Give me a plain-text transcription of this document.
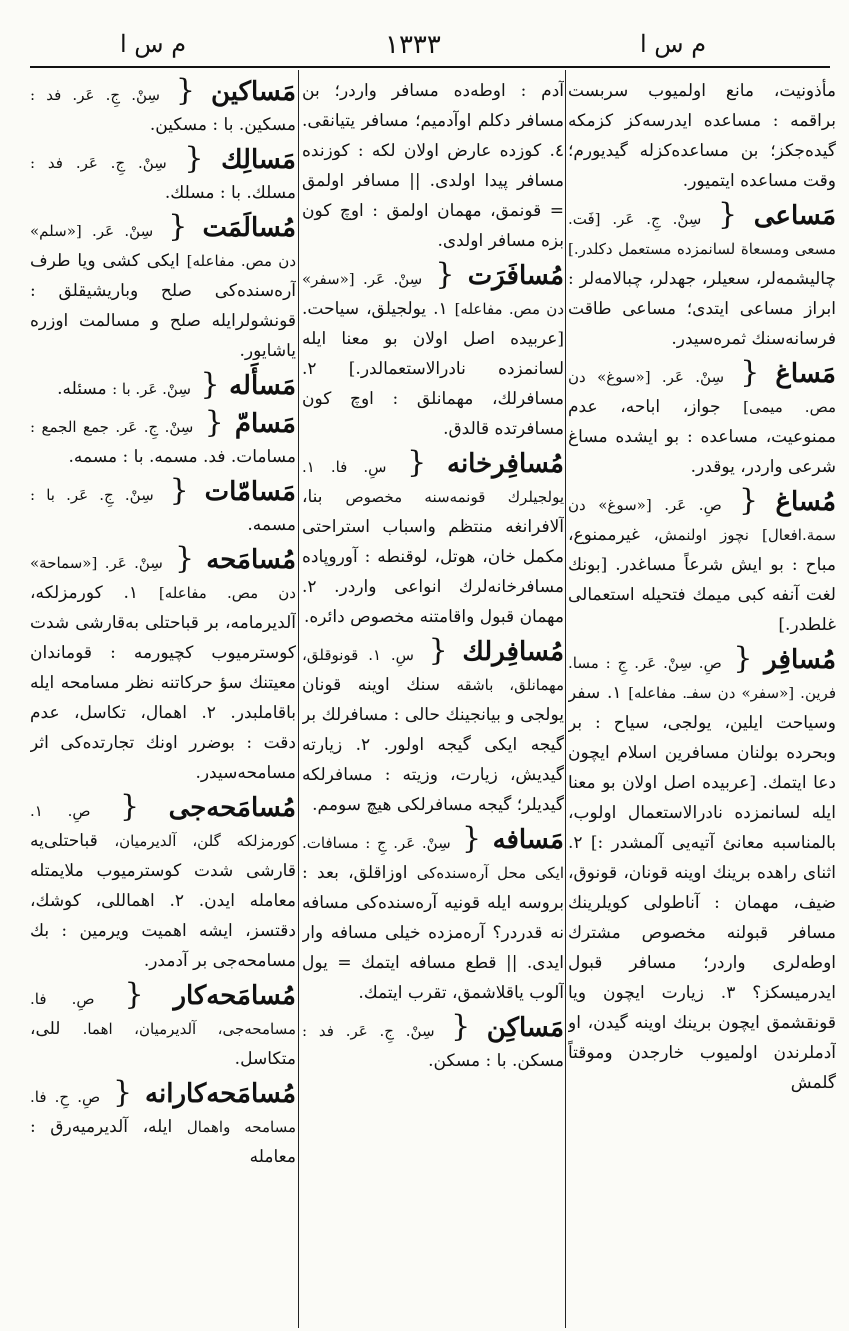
م س ا	۱۳۳۳	م س ا
مأذونيت، مانع اولميوب سربست براقمه : مساعده ايدرسه‌كز كزمكه گيده‌جكز؛ بن مساعده‌كزله گيديورم؛ وقت مساعده ايتميور.
مَساعى { سِنْ. جِ. عَر. [فَت. مسعى ومسعاة لسانمزده مستعمل دكلدر.] چاليشمه‌لر، سعيلر، جهدلر، چباﻻمه‌لر : ابراز مساعى ايتدى؛ مساعى طاقت فرسانه‌سنك ثمره‌سيدر.
مَساغ { سِنْ. عَر. [«سوغ» دن مص. ميمى] جواز، اباحه، عدم ممنوعيت، مساعده : بو ايشده مساغ شرعى واردر، يوقدر.
مُساغ { صِ. عَر. [«سوغ» دن سمة.افعال] نچوز اولنمش، غيرممنوع، مباح : بو ايش شرعاً مساغدر. [بونك لغت آنفه كبى ميمك فتحيله استعمالى غلطدر.]
مُسافِر { صِ. سِنْ. عَر. جِ : مسا. فرين. [«سفر» دن سفـ. مفاعله] ۱. سفر وسياحت ايلين، يولجى، سياح : بر وبحرده بولنان مسافرين اسلام ايچون دعا ايتمك. [عربيده اصل اوﻻن بو معنا ايله لسانمزده نادرالاستعمال اولوب، بالمناسبه معانئ آتيه‌يى آلمشدر :] ۲. اثناى راهده برينك اوينه قونان، قونوق، ضيف، مهمان : آناطولى كويلرينك مسافر قبولنه مخصوص مشترك اوطه‌لرى واردر؛ مسافر قبول ايدرميسكز؟ ۳. زيارت ايچون ويا قونقشمق ايچون برينك اوينه گيدن، او آدملرندن اولميوب خارجدن وموقتاً گلمش
آدم : اوطه‌ده مسافر واردر؛ بن مسافر دكلم اوآدميم؛ مسافر يتيانقى. ٤. كوزده عارض اوﻻن لكه : كوزنده مسافر پيدا اولدى. || مسافر اولمق = قونمق، مهمان اولمق : اوچ كون بزه مسافر اولدى.
مُسافَرَت { سِنْ. عَر. [«سفر» دن مص. مفاعله] ۱. يولجيلق، سياحت. [عربيده اصل اوﻻن بو معنا ايله لسانمزده نادرالاستعمالدر.] ۲. مسافرلك، مهمانلق : اوچ كون مسافرتده قالدق.
مُسافِرخانه { سِ. فا. ۱. يولجيلرك قونمه‌سنه مخصوص بنا، آﻻفرانغه منتظم واسباب استراحتى مكمل خان، هوتل، لوقنطه : آوروپاده مسافرخانه‌لرك انواعى واردر. ۲. مهمان قبول واقامتنه مخصوص دائره.
مُسافِرلك { سِ. ۱. قونوقلق، مهمانلق، باشقه‌ سنك اوينه قونان يولجى و بيانجينك حالى : مسافرلك بر گيجه ايكى گيجه اولور. ۲. زيارته گيديش، زيارت، وزيته : مسافرلكه گيديلر؛ گيجه مسافرلكى هيچ سومم.
مَسافه { سِنْ. عَر. جِ : مسافات. ايكى محل آره‌سنده‌كى اوزاقلق، بعد : بروسه ايله قونيه آره‌سنده‌كى مسافه نه قدردر؟ آره‌مزده خيلى مسافه وار ايدى. || قطع مسافه ايتمك = يول آلوب ياقلاشمق، تقرب ايتمك.
مَساكِن { سِنْ. جِ. عَر. فد : مسكن. با : مسكن.
مَساكين { سِنْ. جِ. عَر. فد : مسكين. با : مسكين.
مَسالِك { سِنْ. جِ. عَر. فد : مسلك. با : مسلك.
مُسالَمَت { سِنْ. عَر. [«سلم» دن مص. مفاعله] ايكى كشى ويا طرف آره‌سنده‌كى صلح وباريشيقلق : قونشولرايله صلح و مسالمت اوزره ياشايور.
مَسأَله { سِنْ. عَر. با : مسئله.
مَسامّ { سِنْ. جِ. عَر. جمع الجمع : مسامات. فد. مسمه. با : مسمه.
مَسامّات { سِنْ. جِ. عَر. با : مسمه.
مُسامَحه { سِنْ. عَر. [«سماحة» دن مص. مفاعله] ۱. كورمزلكه، آلديرمامه، بر قباحتلى به‌قارشى شدت كوسترميوب كچيورمه : قوماندان معيتنك سؤ حركاتنه نظر مسامحه ايله باقاملبدر. ۲. اهمال، تكاسل، عدم دقت : بوضرر اونك تجارتده‌كى اثر مسامحه‌سيدر.
مُسامَحه‌جى { صِ. ۱. كورمزلكه گلن، آلديرميان، قباحتلى‌يه قارشى شدت كوسترميوب ملايمتله معامله ايدن. ۲. اهماللى، كوشك، دقتسز، ايشه اهميت ويرمين : بك مسامحه‌جى بر آدمدر.
مُسامَحه‌كار { صِ. فا. مسامحه‌جى، آلديرميان، اهما. للى، متكاسل.
مُسامَحه‌كارانه { صِ. حِ. فا. مسامحه واهمال ايله، آلديرميه‌رق : معامله
